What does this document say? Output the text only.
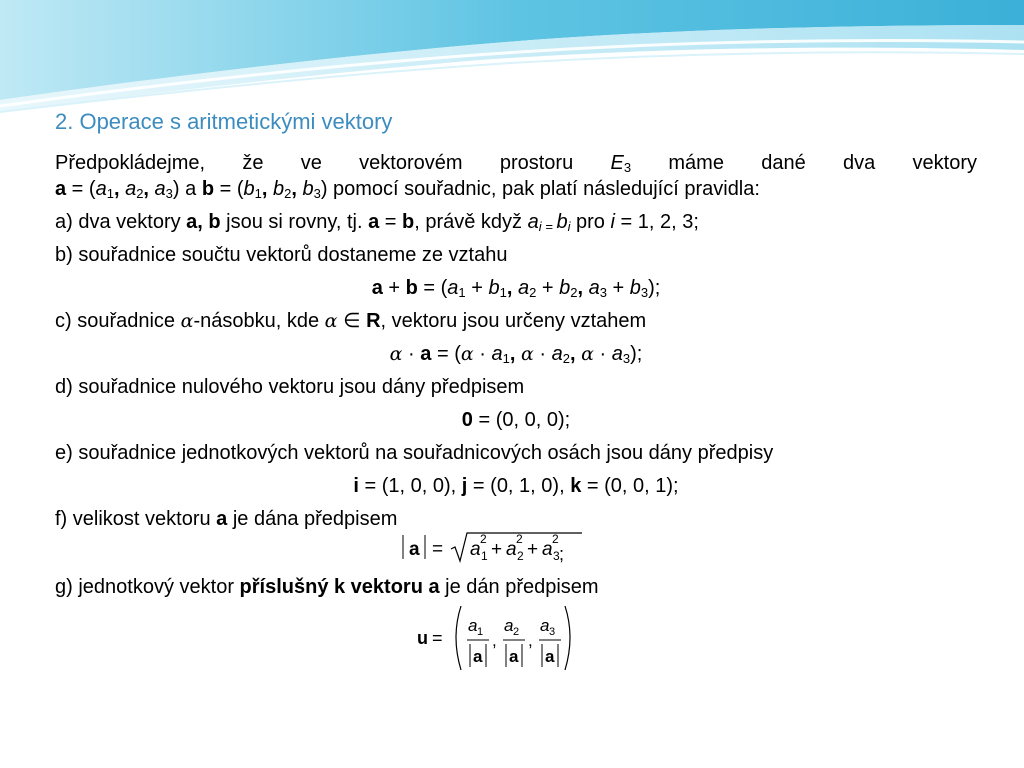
2. Operace s aritmetickými vektory
Předpokládejme, že ve vektorovém prostoru $E_3$ máme dané dva vektory
$a = (a_1$, $a_2$, $a_3$) a $b = (b_1$, $b_2$, $b_3$) pomocí souřadnic, pak platí následující pravidla:
a) dva vektory a, b jsou si rovny, tj. a = b, právě když $a_{i =}$ $b_i$ pro i = 1, 2, 3;
b) souřadnice součtu vektorů dostaneme ze vztahu
$a + b = (a_1 + b_1$, $a_2 + b_2$, $a_3 + b_3$);
c) souřadnice α-násobku, kde α ∈ R, vektoru jsou určeny vztahem
$\alpha \cdot a = (\alpha \cdot a_1$, $\alpha \cdot a_2$, $\alpha \cdot a_3$);
d) souřadnice nulového vektoru jsou dány předpisem
0 = (0, 0, 0);
e) souřadnice jednotkových vektorů na souřadnicových osách jsou dány předpisy
i = (1, 0, 0), j = (0, 1, 0), k = (0, 0, 1);
f) velikost vektoru a je dána předpisem
a = a 2
1 + a 2
2 + a 2
3 ;
g) jednotkový vektor příslušný k vektoru a je dán předpisem
u =
a 1
a
,
a 2
a
,
a 3
a
